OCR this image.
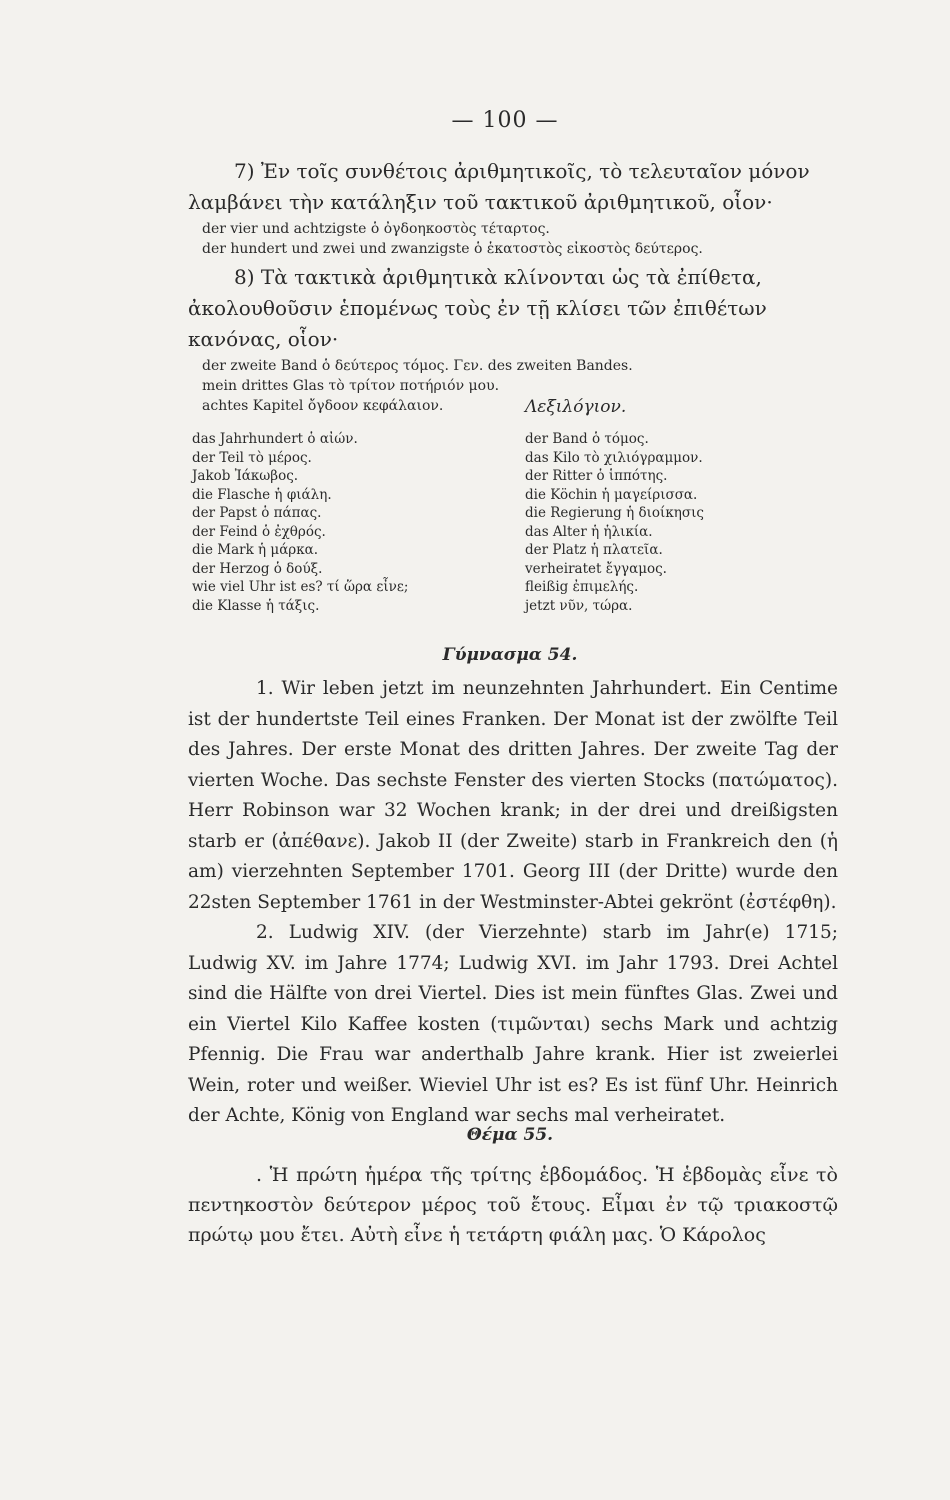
— 100 —

7) Ἐν τοῖς συνθέτοις ἀριθμητικοῖς, τὸ τελευταῖον μόνον λαμβάνει τὴν κατάληξιν τοῦ τακτικοῦ ἀριθμητικοῦ, οἷον·

der vier und achtzigste ὁ ὀγδοηκοστὸς τέταρτος.

der hundert und zwei und zwanzigste ὁ ἑκατοστὸς εἰκοστὸς δεύτερος.

8) Τὰ τακτικὰ ἀριθμητικὰ κλίνονται ὡς τὰ ἐπίθετα, ἀκολουθοῦσιν ἑπομένως τοὺς ἐν τῇ κλίσει τῶν ἐπιθέτων κανόνας, οἷον·

der zweite Band ὁ δεύτερος τόμος. Γεν. des zweiten Bandes.

mein drittes Glas τὸ τρίτον ποτήριόν μου.

achtes Kapitel ὄγδοον κεφάλαιον.	Λεξιλόγιον.
das Jahrhundert ὁ αἰών.
der Teil τὸ μέρος.
Jakob Ἰάκωβος.
die Flasche ἡ φιάλη.
der Papst ὁ πάπας.
der Feind ὁ ἐχθρός.
die Mark ἡ μάρκα.
der Herzog ὁ δούξ.
wie viel Uhr ist es? τί ὥρα εἶνε;
die Klasse ἡ τάξις.
der Band ὁ τόμος.
das Kilo τὸ χιλιόγραμμον.
der Ritter ὁ ἱππότης.
die Köchin ἡ μαγείρισσα.
die Regierung ἡ διοίκησις
das Alter ἡ ἡλικία.
der Platz ἡ πλατεῖα.
verheiratet ἔγγαμος.
fleißig ἐπιμελής.
jetzt νῦν, τώρα.
Γύμνασμα 54.

1. Wir leben jetzt im neunzehnten Jahrhundert. Ein Centime ist der hundertste Teil eines Franken. Der Monat ist der zwölfte Teil des Jahres. Der erste Monat des dritten Jahres. Der zweite Tag der vierten Woche. Das sechste Fenster des vierten Stocks (πατώματος). Herr Robinson war 32 Wochen krank; in der drei und dreißigsten starb er (ἀπέθανε). Jakob II (der Zweite) starb in Frankreich den (ἡ am) vierzehnten September 1701. Georg III (der Dritte) wurde den 22sten September 1761 in der Westminster-Abtei gekrönt (ἐστέφθη).

2. Ludwig XIV. (der Vierzehnte) starb im Jahr(e) 1715; Ludwig XV. im Jahre 1774; Ludwig XVI. im Jahr 1793. Drei Achtel sind die Hälfte von drei Viertel. Dies ist mein fünftes Glas. Zwei und ein Viertel Kilo Kaffee kosten (τιμῶνται) sechs Mark und achtzig Pfennig. Die Frau war anderthalb Jahre krank. Hier ist zweierlei Wein, roter und weißer. Wieviel Uhr ist es? Es ist fünf Uhr. Heinrich der Achte, König von England war sechs mal verheiratet.

Θέμα 55.

. Ἡ πρώτη ἡμέρα τῆς τρίτης ἑβδομάδος. Ἡ ἑβδομὰς εἶνε τὸ πεντηκοστὸν δεύτερον μέρος τοῦ ἔτους. Εἶμαι ἐν τῷ τριακοστῷ πρώτῳ μου ἔτει. Αὐτὴ εἶνε ἡ τετάρτη φιάλη μας. Ὁ Κάρολος
